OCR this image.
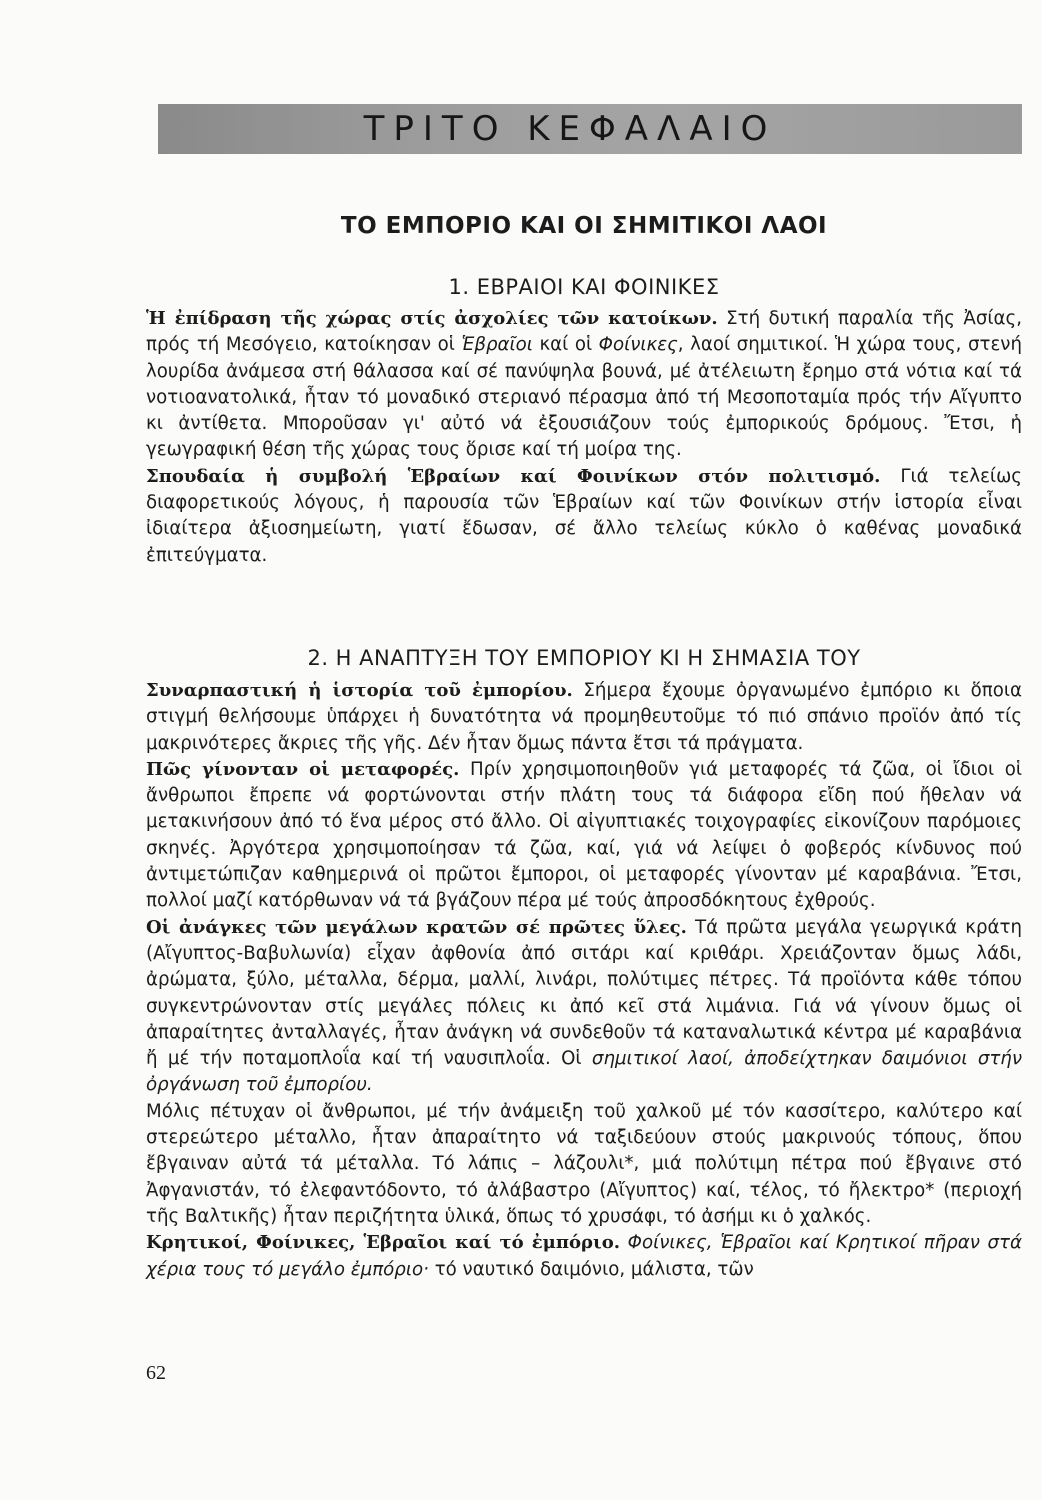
ΤΡΙΤΟ ΚΕΦΑΛΑΙΟ
ΤΟ ΕΜΠΟΡΙΟ ΚΑΙ ΟΙ ΣΗΜΙΤΙΚΟΙ ΛΑΟΙ
1. ΕΒΡΑΙΟΙ ΚΑΙ ΦΟΙΝΙΚΕΣ

Ἡ ἐπίδραση τῆς χώρας στίς ἀσχολίες τῶν κατοίκων. Στή δυτική παραλία τῆς Ἀσίας, πρός τή Μεσόγειο, κατοίκησαν οἱ Ἑβραῖοι καί οἱ Φοίνικες, λαοί σημιτικοί. Ἡ χώρα τους, στενή λουρίδα ἀνάμεσα στή θάλασσα καί σέ πανύψηλα βουνά, μέ ἀτέλειωτη ἔρημο στά νότια καί τά νοτιοανατολικά, ἦταν τό μοναδικό στεριανό πέρασμα ἀπό τή Μεσοποταμία πρός τήν Αἴγυπτο κι ἀντίθετα. Μποροῦσαν γι' αὐτό νά ἐξουσιάζουν τούς ἐμπορικούς δρόμους. Ἔτσι, ἡ γεωγραφική θέση τῆς χώρας τους ὅρισε καί τή μοίρα της.

Σπουδαία ἡ συμβολή Ἑβραίων καί Φοινίκων στόν πολιτισμό. Γιά τελείως διαφορετικούς λόγους, ἡ παρουσία τῶν Ἑβραίων καί τῶν Φοινίκων στήν ἱστορία εἶναι ἰδιαίτερα ἀξιοσημείωτη, γιατί ἔδωσαν, σέ ἄλλο τελείως κύκλο ὁ καθένας μοναδικά ἐπιτεύγματα.

2. Η ΑΝΑΠΤΥΞΗ ΤΟΥ ΕΜΠΟΡΙΟΥ ΚΙ Η ΣΗΜΑΣΙΑ ΤΟΥ

Συναρπαστική ἡ ἱστορία τοῦ ἐμπορίου. Σήμερα ἔχουμε ὀργανωμένο ἐμπόριο κι ὅποια στιγμή θελήσουμε ὑπάρχει ἡ δυνατότητα νά προμηθευτοῦμε τό πιό σπάνιο προϊόν ἀπό τίς μακρινότερες ἄκριες τῆς γῆς. Δέν ἦταν ὅμως πάντα ἔτσι τά πράγματα.

Πῶς γίνονταν οἱ μεταφορές. Πρίν χρησιμοποιηθοῦν γιά μεταφορές τά ζῶα, οἱ ἴδιοι οἱ ἄνθρωποι ἔπρεπε νά φορτώνονται στήν πλάτη τους τά διάφορα εἴδη πού ἤθελαν νά μετακινήσουν ἀπό τό ἕνα μέρος στό ἄλλο. Οἱ αἰγυπτιακές τοιχογραφίες εἰκονίζουν παρόμοιες σκηνές. Ἀργότερα χρησιμοποίησαν τά ζῶα, καί, γιά νά λείψει ὁ φοβερός κίνδυνος πού ἀντιμετώπιζαν καθημερινά οἱ πρῶτοι ἔμποροι, οἱ μεταφορές γίνονταν μέ καραβάνια. Ἔτσι, πολλοί μαζί κατόρθωναν νά τά βγάζουν πέρα μέ τούς ἀπροσδόκητους ἐχθρούς.

Οἱ ἀνάγκες τῶν μεγάλων κρατῶν σέ πρῶτες ὕλες. Τά πρῶτα μεγάλα γεωργικά κράτη (Αἴγυπτος-Βαβυλωνία) εἶχαν ἀφθονία ἀπό σιτάρι καί κριθάρι. Χρειάζονταν ὅμως λάδι, ἀρώματα, ξύλο, μέταλλα, δέρμα, μαλλί, λινάρι, πολύτιμες πέτρες. Τά προϊόντα κάθε τόπου συγκεντρώνονταν στίς μεγάλες πόλεις κι ἀπό κεῖ στά λιμάνια. Γιά νά γίνουν ὅμως οἱ ἀπαραίτητες ἀνταλλαγές, ἦταν ἀνάγκη νά συνδεθοῦν τά καταναλωτικά κέντρα μέ καραβάνια ἤ μέ τήν ποταμοπλοΐα καί τή ναυσιπλοΐα. Οἱ σημιτικοί λαοί, ἀποδείχτηκαν δαιμόνιοι στήν ὀργάνωση τοῦ ἐμπορίου.

Μόλις πέτυχαν οἱ ἄνθρωποι, μέ τήν ἀνάμειξη τοῦ χαλκοῦ μέ τόν κασσίτερο, καλύτερο καί στερεώτερο μέταλλο, ἦταν ἀπαραίτητο νά ταξιδεύουν στούς μακρινούς τόπους, ὅπου ἔβγαιναν αὐτά τά μέταλλα. Τό λάπις – λάζουλι*, μιά πολύτιμη πέτρα πού ἔβγαινε στό Ἀφγανιστάν, τό ἐλεφαντόδοντο, τό ἀλάβαστρο (Αἴγυπτος) καί, τέλος, τό ἤλεκτρο* (περιοχή τῆς Βαλτικῆς) ἦταν περιζήτητα ὑλικά, ὅπως τό χρυσάφι, τό ἀσήμι κι ὁ χαλκός.

Κρητικοί, Φοίνικες, Ἑβραῖοι καί τό ἐμπόριο. Φοίνικες, Ἑβραῖοι καί Κρητικοί πῆραν στά χέρια τους τό μεγάλο ἐμπόριο· τό ναυτικό δαιμόνιο, μάλιστα, τῶν

62
